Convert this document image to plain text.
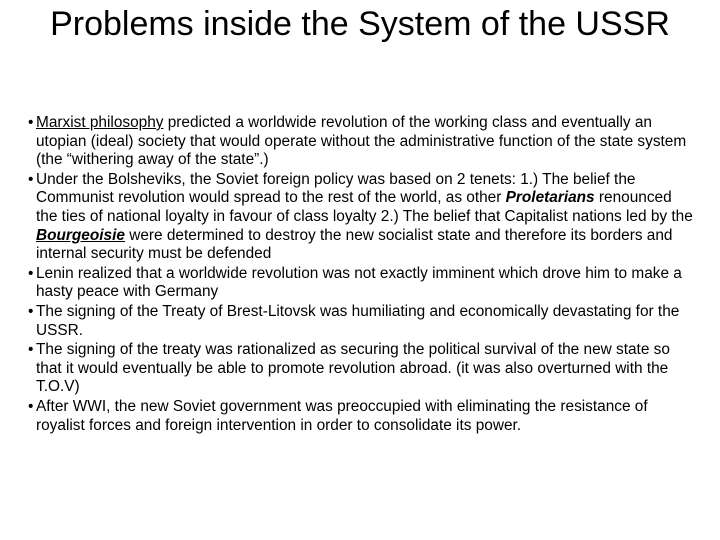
Problems inside the System of the USSR
• Marxist philosophy predicted a worldwide revolution of the working class and eventually an utopian (ideal) society that would operate without the administrative function of the state system (the “withering away of the state”.)
• Under the Bolsheviks, the Soviet foreign policy was based on 2 tenets: 1.) The belief the Communist revolution would spread to the rest of the world, as other Proletarians renounced the ties of national loyalty in favour of class loyalty 2.) The belief that Capitalist nations led by the Bourgeoisie were determined to destroy the new socialist state and therefore its borders and internal security must be defended
• Lenin realized that a worldwide revolution was not exactly imminent which drove him to make a hasty peace with Germany
• The signing of the Treaty of Brest-Litovsk was humiliating and economically devastating for the USSR.
• The signing of the treaty was rationalized as securing the political survival of the new state so that it would eventually be able to promote revolution abroad. (it was also overturned with the T.O.V)
• After WWI, the new Soviet government was preoccupied with eliminating the resistance of royalist forces and foreign intervention in order to consolidate its power.
